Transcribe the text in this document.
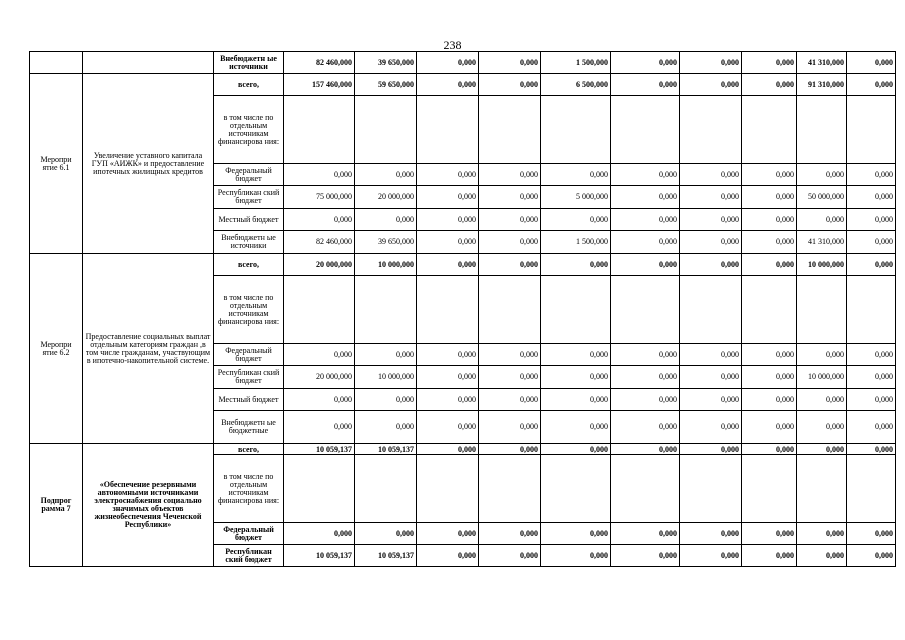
238
		Внебюджетн ые источники	82 460,000	39 650,000	0,000	0,000	1 500,000	0,000	0,000	0,000	41 310,000	0,000
Меропри ятие 6.1	Увеличение уставного капитала ГУП «АИЖК» и предоставление ипотечных жилищных кредитов	всего,	157 460,000	59 650,000	0,000	0,000	6 500,000	0,000	0,000	0,000	91 310,000	0,000
		в том числе по отдельным источникам финансирова ния:										
		Федеральный бюджет	0,000	0,000	0,000	0,000	0,000	0,000	0,000	0,000	0,000	0,000
		Республикан ский бюджет	75 000,000	20 000,000	0,000	0,000	5 000,000	0,000	0,000	0,000	50 000,000	0,000
		Местный бюджет	0,000	0,000	0,000	0,000	0,000	0,000	0,000	0,000	0,000	0,000
		Внебюджетн ые источники	82 460,000	39 650,000	0,000	0,000	1 500,000	0,000	0,000	0,000	41 310,000	0,000
Меропри ятие 6.2	Предоставление социальных выплат отдельным категориям граждан ,в том числе гражданам, участвующим в ипотечно-накопительной системе.	всего,	20 000,000	10 000,000	0,000	0,000	0,000	0,000	0,000	0,000	10 000,000	0,000
		в том числе по отдельным источникам финансирова ния:										
		Федеральный бюджет	0,000	0,000	0,000	0,000	0,000	0,000	0,000	0,000	0,000	0,000
		Республикан ский бюджет	20 000,000	10 000,000	0,000	0,000	0,000	0,000	0,000	0,000	10 000,000	0,000
		Местный бюджет	0,000	0,000	0,000	0,000	0,000	0,000	0,000	0,000	0,000	0,000
		Внебюджетн ые бюджетные	0,000	0,000	0,000	0,000	0,000	0,000	0,000	0,000	0,000	0,000
Подпрог рамма 7	«Обеспечение резервными автономными источниками электроснабжения социально значимых объектов жизнеобеспечения Чеченской Республики»	всего,	10 059,137	10 059,137	0,000	0,000	0,000	0,000	0,000	0,000	0,000	0,000
		в том числе по отдельным источникам финансирова ния:										
		Федеральный бюджет	0,000	0,000	0,000	0,000	0,000	0,000	0,000	0,000	0,000	0,000
		Республикан ский бюджет	10 059,137	10 059,137	0,000	0,000	0,000	0,000	0,000	0,000	0,000	0,000
